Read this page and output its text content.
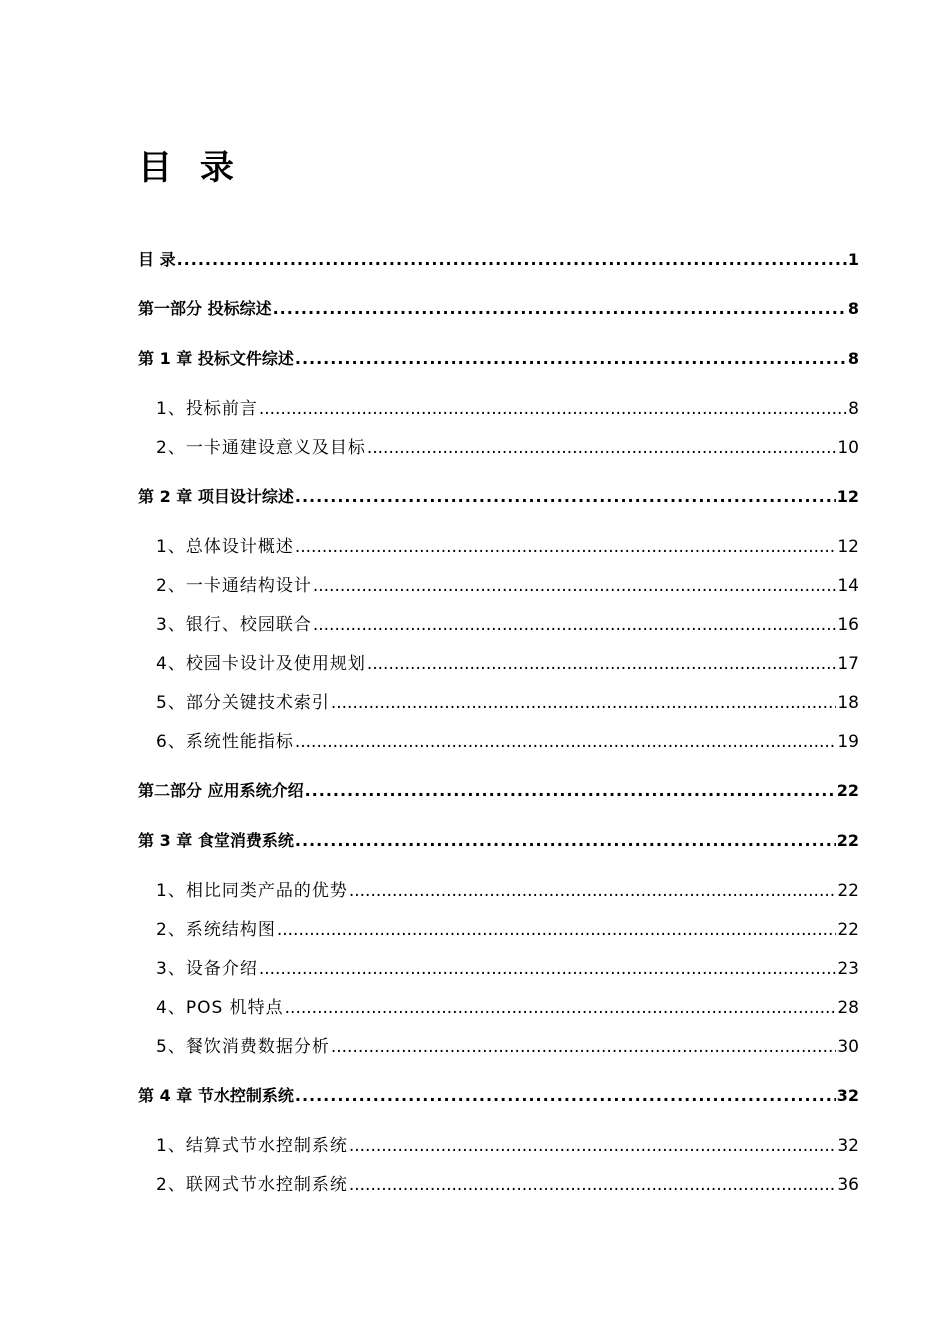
目 录
目 录 .....	1
第一部分 投标综述 .....	8
第 1 章 投标文件综述 .....	8
1、投标前言 .....	8
2、一卡通建设意义及目标 .....	10
第 2 章 项目设计综述 .....	12
1、总体设计概述 .....	12
2、一卡通结构设计 .....	14
3、银行、校园联合 .....	16
4、校园卡设计及使用规划 .....	17
5、部分关键技术索引 .....	18
6、系统性能指标 .....	19
第二部分 应用系统介绍 .....	22
第 3 章 食堂消费系统 .....	22
1、相比同类产品的优势 .....	22
2、系统结构图 .....	22
3、设备介绍 .....	23
4、POS 机特点 .....	28
5、餐饮消费数据分析 .....	30
第 4 章 节水控制系统 .....	32
1、结算式节水控制系统 .....	32
2、联网式节水控制系统 .....	36
